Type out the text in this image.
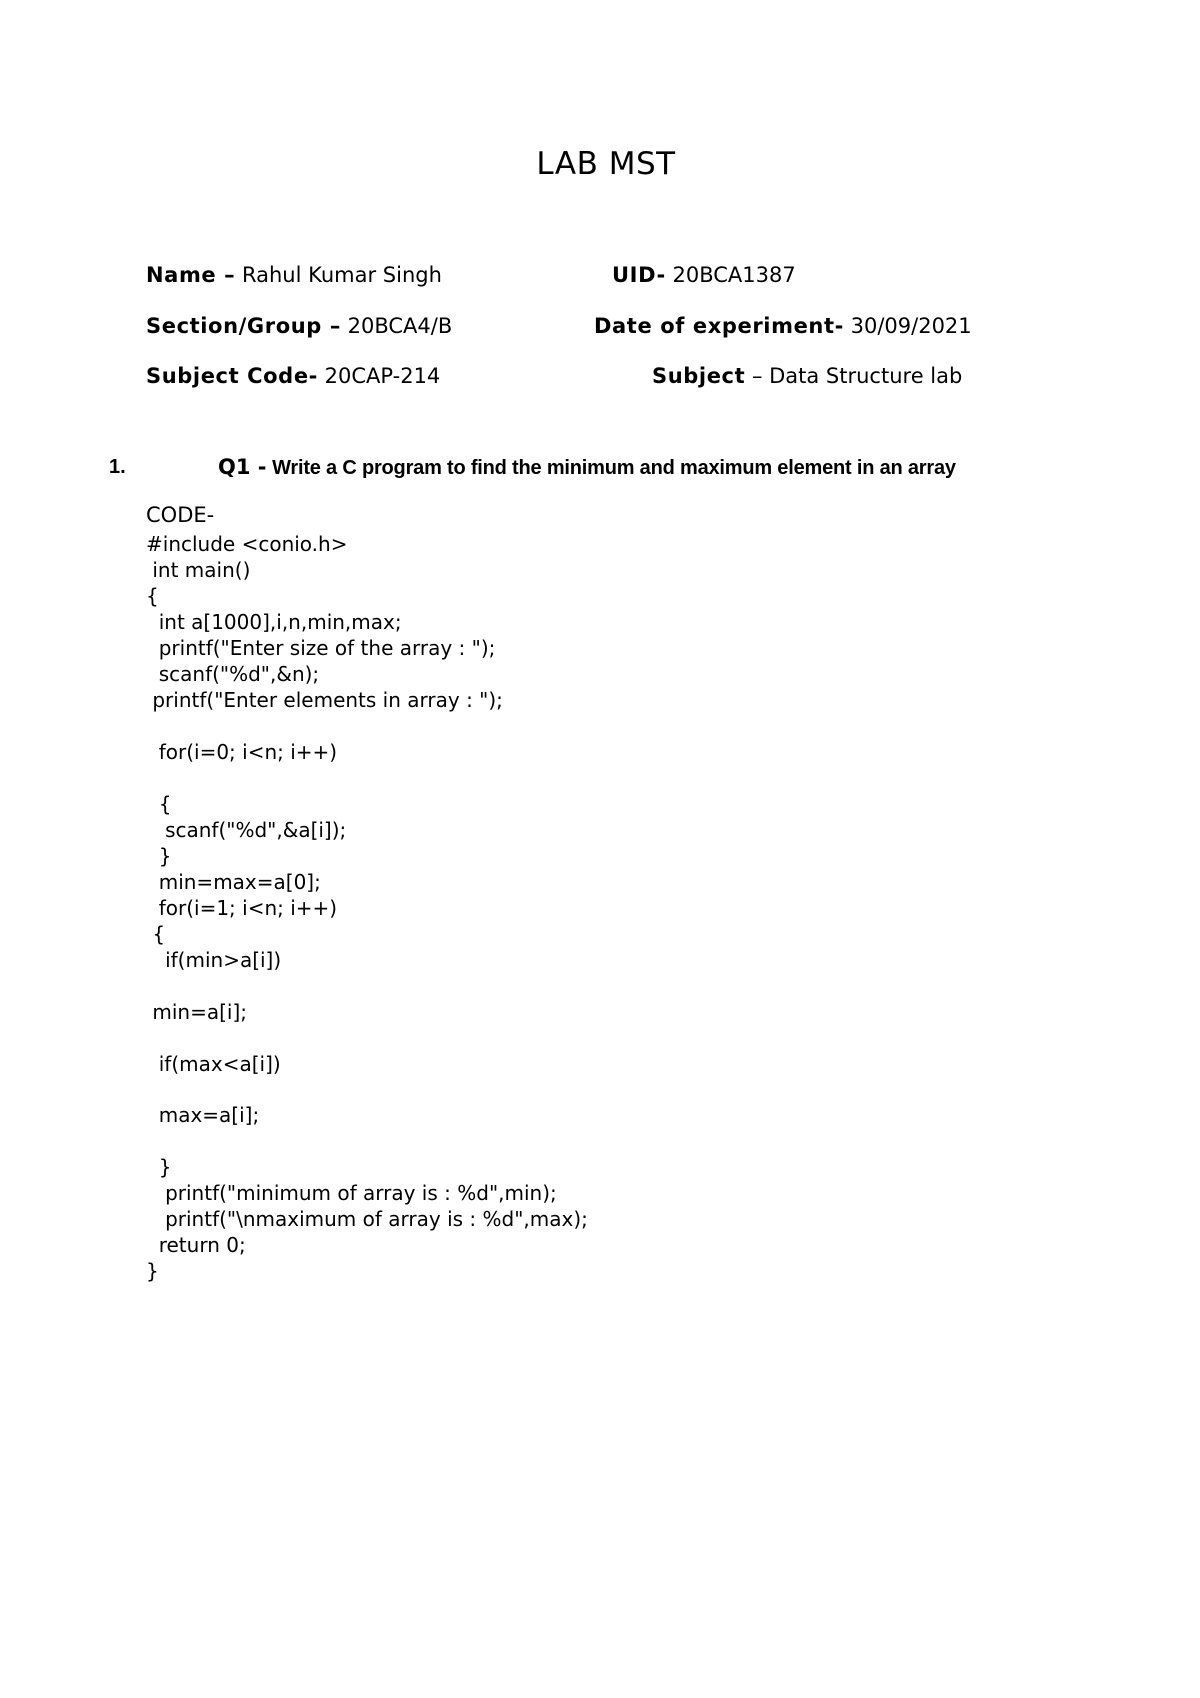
LAB MST
Name – Rahul Kumar Singh	UID- 20BCA1387
Section/Group – 20BCA4/B	Date of experiment- 30/09/2021
Subject Code- 20CAP-214	Subject – Data Structure lab
1.	Q1 - Write a C program to find the minimum and maximum element in an array
CODE-
#include <conio.h>
int main()
{
int a[1000],i,n,min,max;
printf("Enter size of the array : ");
scanf("%d",&n);
printf("Enter elements in array : ");
for(i=0; i<n; i++)
{
scanf("%d",&a[i]);
}
min=max=a[0];
for(i=1; i<n; i++)
{
if(min>a[i])
min=a[i];
if(max<a[i])
max=a[i];
}
printf("minimum of array is : %d",min);
printf("\nmaximum of array is : %d",max);
return 0;
}
